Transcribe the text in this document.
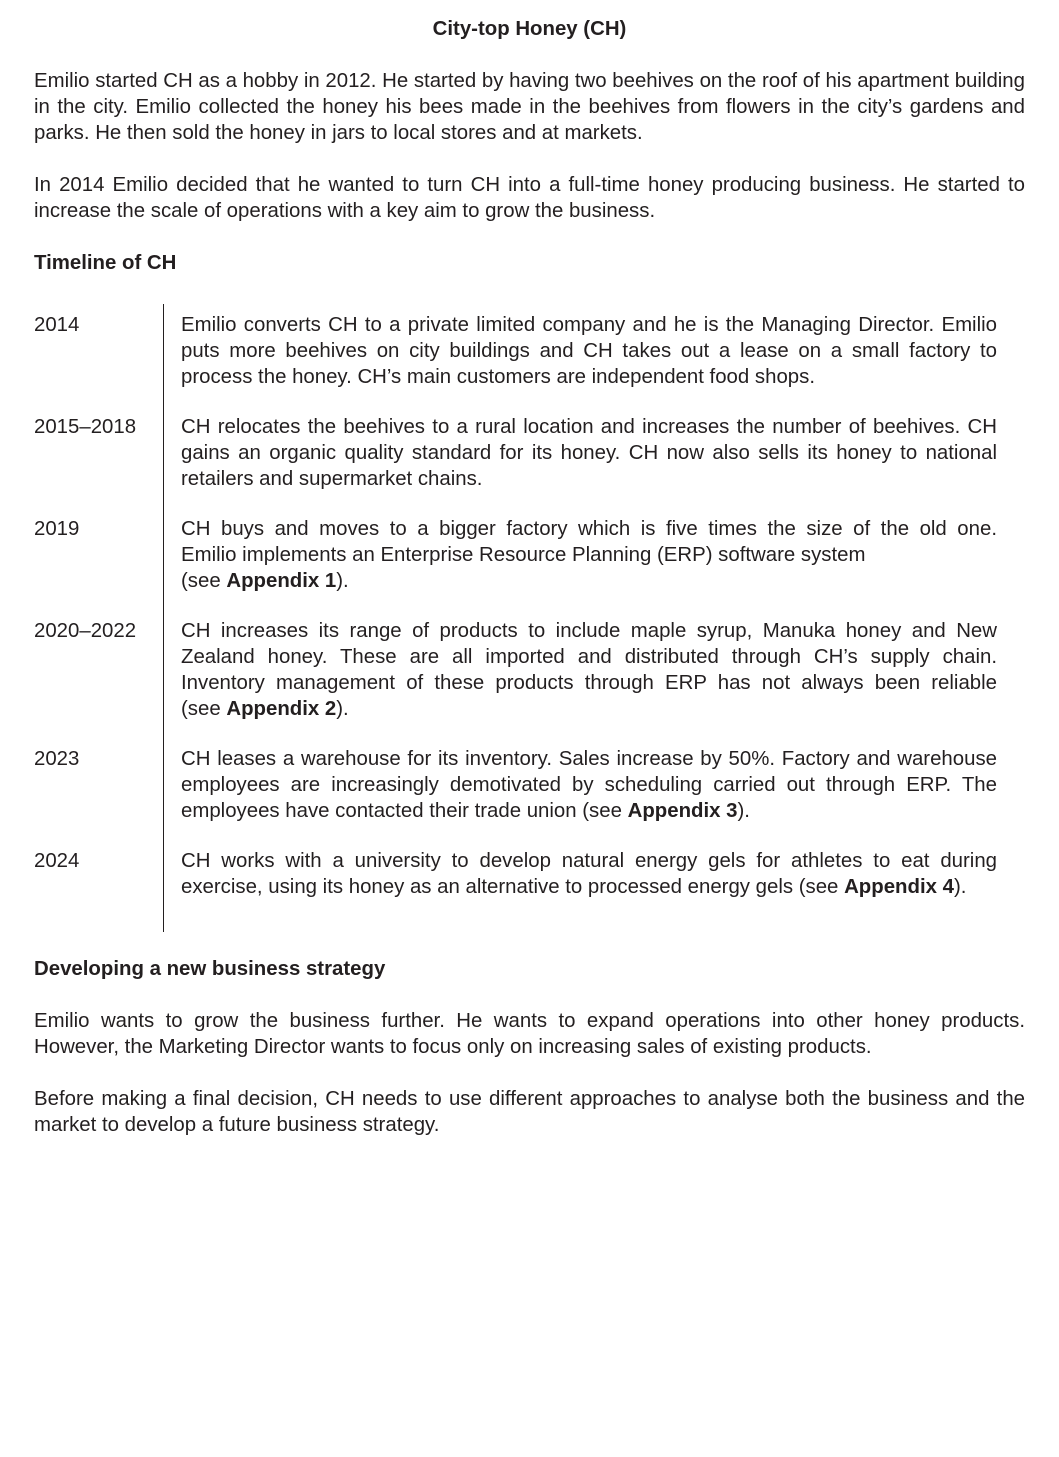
City-top Honey (CH)
Emilio started CH as a hobby in 2012. He started by having two beehives on the roof of his apartment building in the city. Emilio collected the honey his bees made in the beehives from flowers in the city’s gardens and parks. He then sold the honey in jars to local stores and at markets.
In 2014 Emilio decided that he wanted to turn CH into a full-time honey producing business. He started to increase the scale of operations with a key aim to grow the business.
Timeline of CH
2014	Emilio converts CH to a private limited company and he is the Managing Director. Emilio puts more beehives on city buildings and CH takes out a lease on a small factory to process the honey. CH’s main customers are independent food shops.
2015–2018	CH relocates the beehives to a rural location and increases the number of beehives. CH gains an organic quality standard for its honey. CH now also sells its honey to national retailers and supermarket chains.
2019	CH buys and moves to a bigger factory which is five times the size of the old one.
Emilio implements an Enterprise Resource Planning (ERP) software system
(see Appendix 1).
2020–2022	CH increases its range of products to include maple syrup, Manuka honey and New Zealand honey. These are all imported and distributed through CH’s supply chain. Inventory management of these products through ERP has not always been reliable
(see Appendix 2).
2023	CH leases a warehouse for its inventory. Sales increase by 50%. Factory and warehouse employees are increasingly demotivated by scheduling carried out through ERP. The employees have contacted their trade union (see Appendix 3).
2024	CH works with a university to develop natural energy gels for athletes to eat during exercise, using its honey as an alternative to processed energy gels (see Appendix 4).
Developing a new business strategy
Emilio wants to grow the business further. He wants to expand operations into other honey products. However, the Marketing Director wants to focus only on increasing sales of existing products.
Before making a final decision, CH needs to use different approaches to analyse both the business and the market to develop a future business strategy.
